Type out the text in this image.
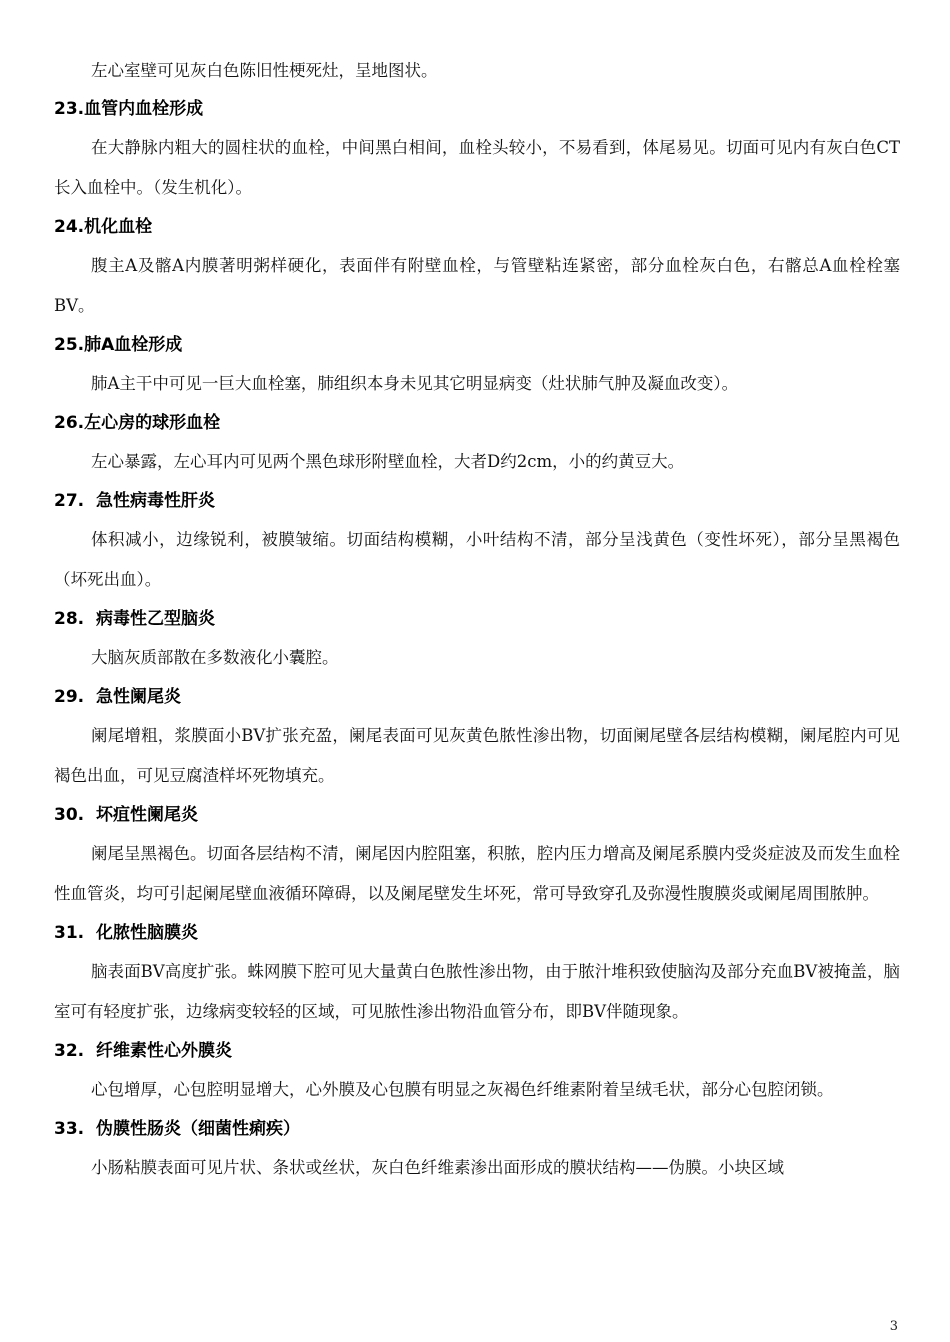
左心室壁可见灰白色陈旧性梗死灶，呈地图状。

23.血管内血栓形成

在大静脉内粗大的圆柱状的血栓，中间黑白相间，血栓头较小，不易看到，体尾易见。切面可见内有灰白色CT长入血栓中。（发生机化）。

24.机化血栓

腹主A及髂A内膜著明粥样硬化，表面伴有附壁血栓，与管壁粘连紧密，部分血栓灰白色，右髂总A血栓栓塞BV。

25.肺A血栓形成

肺A主干中可见一巨大血栓塞，肺组织本身未见其它明显病变（灶状肺气肿及凝血改变）。

26.左心房的球形血栓

左心暴露，左心耳内可见两个黑色球形附壁血栓，大者D约2cm，小的约黄豆大。

27.  急性病毒性肝炎

体积减小，边缘锐利，被膜皱缩。切面结构模糊，小叶结构不清，部分呈浅黄色（变性坏死），部分呈黑褐色（坏死出血）。

28.  病毒性乙型脑炎

大脑灰质部散在多数液化小囊腔。

29.  急性阑尾炎

阑尾增粗，浆膜面小BV扩张充盈，阑尾表面可见灰黄色脓性渗出物，切面阑尾壁各层结构模糊，阑尾腔内可见褐色出血，可见豆腐渣样坏死物填充。

30.  坏疽性阑尾炎

阑尾呈黑褐色。切面各层结构不清，阑尾因内腔阻塞，积脓，腔内压力增高及阑尾系膜内受炎症波及而发生血栓性血管炎，均可引起阑尾壁血液循环障碍，以及阑尾壁发生坏死，常可导致穿孔及弥漫性腹膜炎或阑尾周围脓肿。

31.  化脓性脑膜炎

脑表面BV高度扩张。蛛网膜下腔可见大量黄白色脓性渗出物，由于脓汁堆积致使脑沟及部分充血BV被掩盖，脑室可有轻度扩张，边缘病变较轻的区域，可见脓性渗出物沿血管分布，即BV伴随现象。

32.  纤维素性心外膜炎

心包增厚，心包腔明显增大，心外膜及心包膜有明显之灰褐色纤维素附着呈绒毛状，部分心包腔闭锁。

33.  伪膜性肠炎（细菌性痢疾）

小肠粘膜表面可见片状、条状或丝状，灰白色纤维素渗出面形成的膜状结构——伪膜。小块区域

3
